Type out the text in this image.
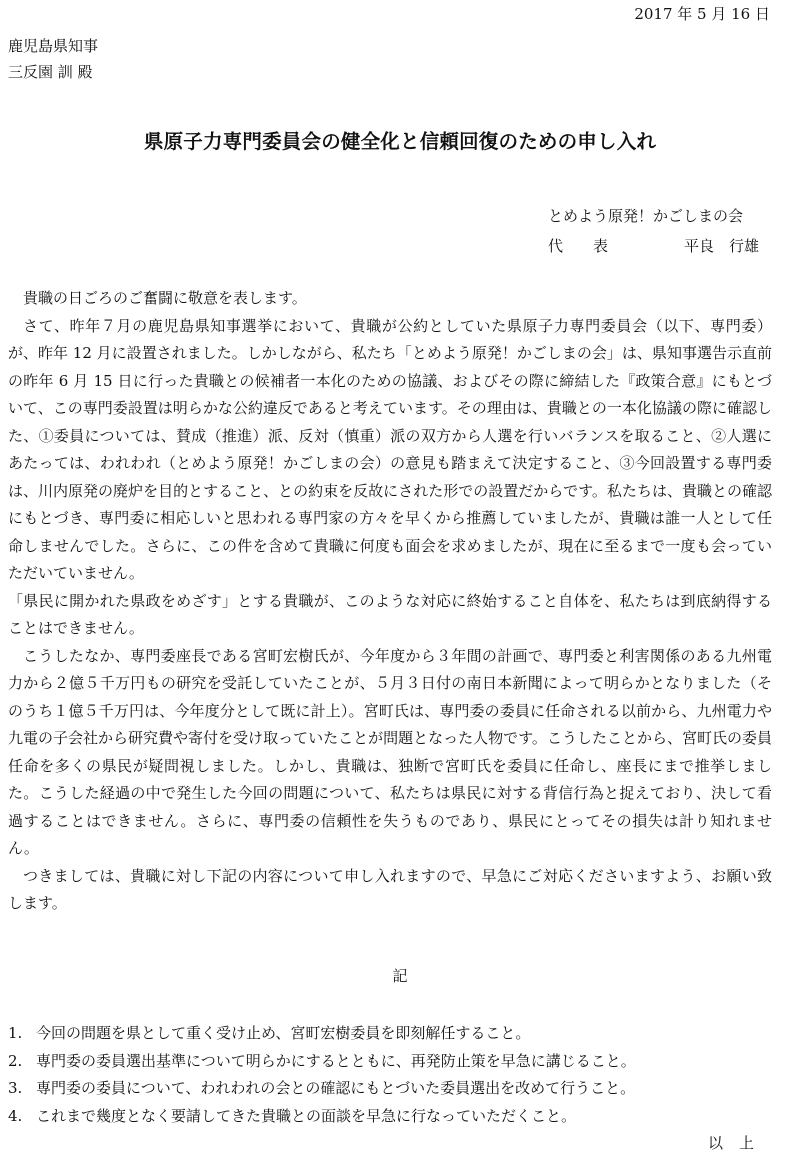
2017 年 5 月 16 日
鹿児島県知事
三反園 訓 殿
県原子力専門委員会の健全化と信頼回復のための申し入れ
とめよう原発！かごしまの会
代表	平良　行雄

貴職の日ごろのご奮闘に敬意を表します。

さて、昨年７月の鹿児島県知事選挙において、貴職が公約としていた県原子力専門委員会（以下、専門委）が、昨年 12 月に設置されました。しかしながら、私たち「とめよう原発！かごしまの会」は、県知事選告示直前の昨年 6 月 15 日に行った貴職との候補者一本化のための協議、およびその際に締結した『政策合意』にもとづいて、この専門委設置は明らかな公約違反であると考えています。その理由は、貴職との一本化協議の際に確認した、①委員については、賛成（推進）派、反対（慎重）派の双方から人選を行いバランスを取ること、②人選にあたっては、われわれ（とめよう原発！かごしまの会）の意見も踏まえて決定すること、③今回設置する専門委は、川内原発の廃炉を目的とすること、との約束を反故にされた形での設置だからです。私たちは、貴職との確認にもとづき、専門委に相応しいと思われる専門家の方々を早くから推薦していましたが、貴職は誰一人として任命しませんでした。さらに、この件を含めて貴職に何度も面会を求めましたが、現在に至るまで一度も会っていただいていません。

「県民に開かれた県政をめざす」とする貴職が、このような対応に終始すること自体を、私たちは到底納得することはできません。

こうしたなか、専門委座長である宮町宏樹氏が、今年度から３年間の計画で、専門委と利害関係のある九州電力から２億５千万円もの研究を受託していたことが、５月３日付の南日本新聞によって明らかとなりました（そのうち１億５千万円は、今年度分として既に計上）。宮町氏は、専門委の委員に任命される以前から、九州電力や九電の子会社から研究費や寄付を受け取っていたことが問題となった人物です。こうしたことから、宮町氏の委員任命を多くの県民が疑問視しました。しかし、貴職は、独断で宮町氏を委員に任命し、座長にまで推挙しました。こうした経過の中で発生した今回の問題について、私たちは県民に対する背信行為と捉えており、決して看過することはできません。さらに、専門委の信頼性を失うものであり、県民にとってその損失は計り知れません。

つきましては、貴職に対し下記の内容について申し入れますので、早急にご対応くださいますよう、お願い致します。

記
1. 今回の問題を県として重く受け止め、宮町宏樹委員を即刻解任すること。
2. 専門委の委員選出基準について明らかにするとともに、再発防止策を早急に講じること。
3. 専門委の委員について、われわれの会との確認にもとづいた委員選出を改めて行うこと。
4. これまで幾度となく要請してきた貴職との面談を早急に行なっていただくこと。
以上
